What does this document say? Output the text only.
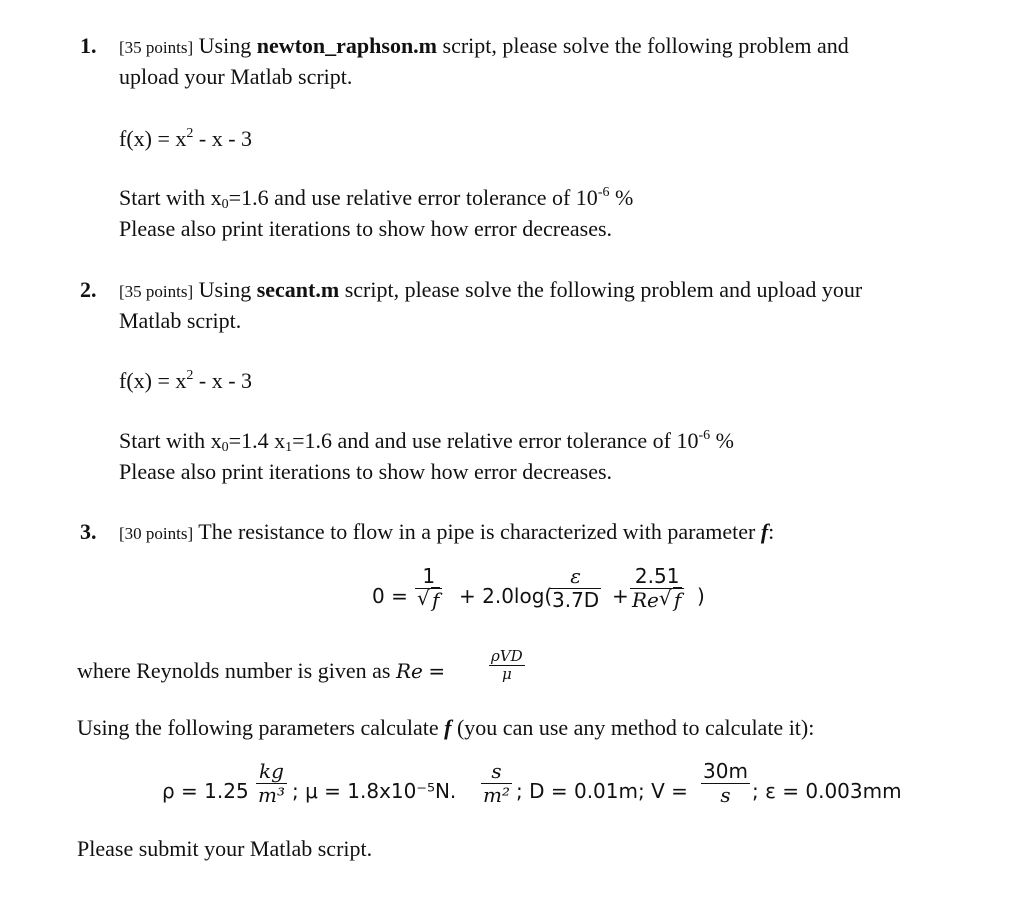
1. [35 points] Using newton_raphson.m script, please solve the following problem and
upload your Matlab script.
$f(x) = x^2 - x - 3$
Start with $x_0=1.6$ and use relative error tolerance of $10^{-6}$ %
Please also print iterations to show how error decreases.
2. [35 points] Using secant.m script, please solve the following problem and upload your
Matlab script.
$f(x) = x^2 - x - 3$
Start with $x_0=1.4$ $x_1=1.6$ and and use relative error tolerance of $10^{-6}$ %
Please also print iterations to show how error decreases.
3. [30 points] The resistance to flow in a pipe is characterized with parameter f:
0 =
1
√ f + 2.0log(
ε
3.7D +
2.51
Re √ f )
where Reynolds number is given as Re =
ρVD
μ
Using the following parameters calculate f (you can use any method to calculate it):
ρ = 1.25
kg
m³ ; μ = 1.8x10⁻⁵N.
s
m² ; D = 0.01m; V =
30m
s ; ε = 0.003mm
Please submit your Matlab script.
